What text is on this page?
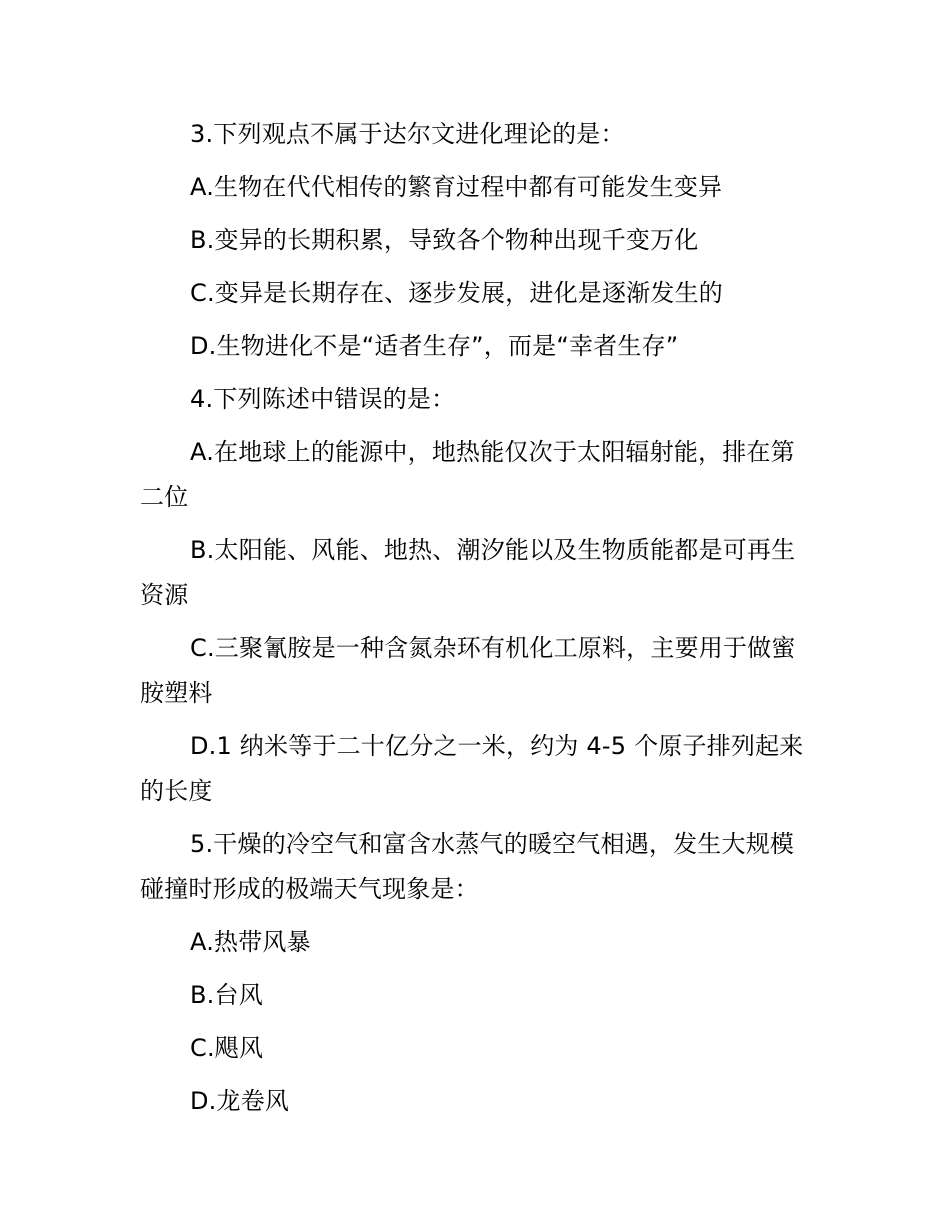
3.下列观点不属于达尔文进化理论的是：

A.生物在代代相传的繁育过程中都有可能发生变异

B.变异的长期积累，导致各个物种出现千变万化

C.变异是长期存在、逐步发展，进化是逐渐发生的

D.生物进化不是“适者生存”，而是“幸者生存”

4.下列陈述中错误的是：

A.在地球上的能源中，地热能仅次于太阳辐射能，排在第二位

B.太阳能、风能、地热、潮汐能以及生物质能都是可再生资源

C.三聚氰胺是一种含氮杂环有机化工原料，主要用于做蜜胺塑料

D.1 纳米等于二十亿分之一米，约为 4-5 个原子排列起来的长度

5.干燥的冷空气和富含水蒸气的暖空气相遇，发生大规模碰撞时形成的极端天气现象是：

A.热带风暴

B.台风

C.飓风

D.龙卷风
